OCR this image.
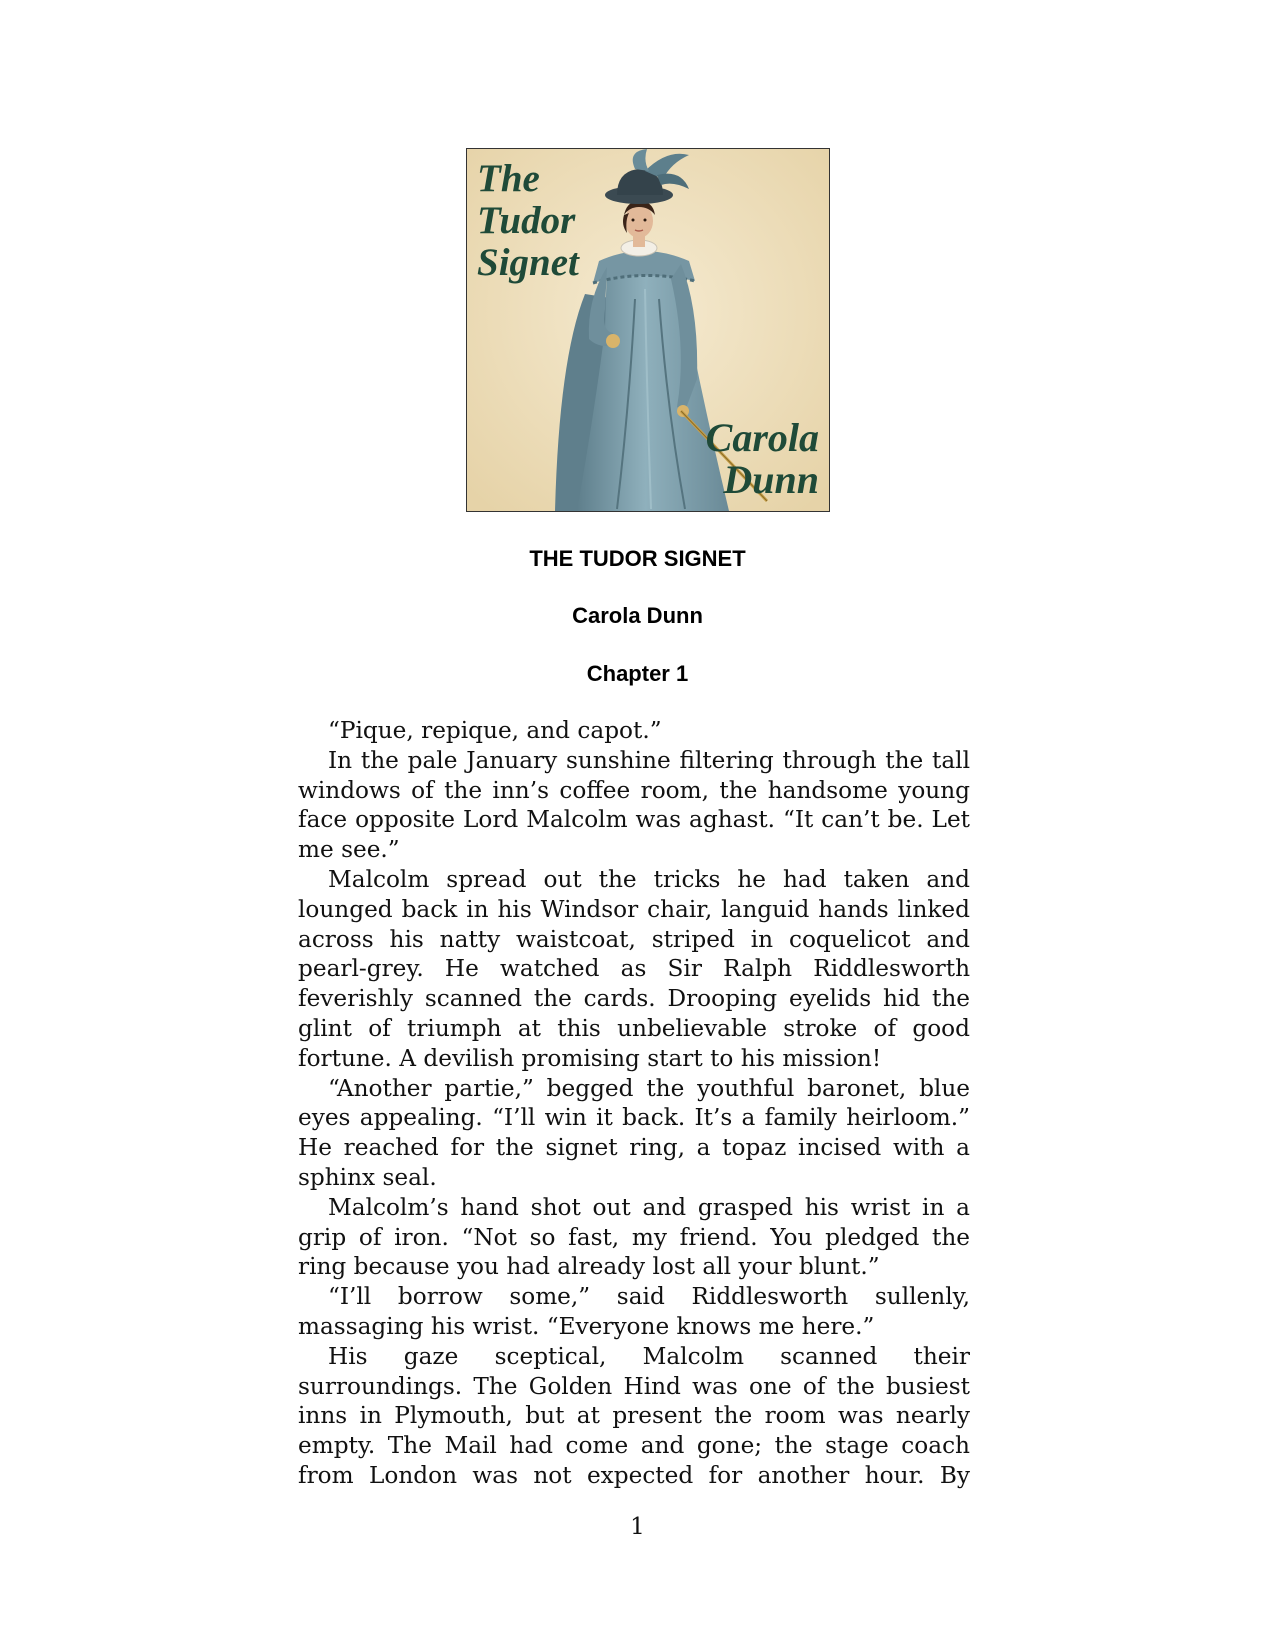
The
Tudor
Signet
Carola
Dunn
THE TUDOR SIGNET
Carola Dunn
Chapter 1

“Pique, repique, and capot.”

In the pale January sunshine filtering through the tall windows of the inn’s coffee room, the handsome young face opposite Lord Malcolm was aghast. “It can’t be. Let me see.”

Malcolm spread out the tricks he had taken and lounged back in his Windsor chair, languid hands linked across his natty waistcoat, striped in coquelicot and pearl-grey. He watched as Sir Ralph Riddlesworth feverishly scanned the cards. Drooping eyelids hid the glint of triumph at this unbelievable stroke of good fortune. A devilish promising start to his mission!

“Another partie,” begged the youthful baronet, blue eyes appealing. “I’ll win it back. It’s a family heirloom.” He reached for the signet ring, a topaz incised with a sphinx seal.

Malcolm’s hand shot out and grasped his wrist in a grip of iron. “Not so fast, my friend. You pledged the ring because you had already lost all your blunt.”

“I’ll borrow some,” said Riddlesworth sullenly, massaging his wrist. “Everyone knows me here.”

His gaze sceptical, Malcolm scanned their surroundings. The Golden Hind was one of the busiest inns in Plymouth, but at present the room was nearly empty. The Mail had come and gone; the stage coach from London was not expected for another hour. By

1
